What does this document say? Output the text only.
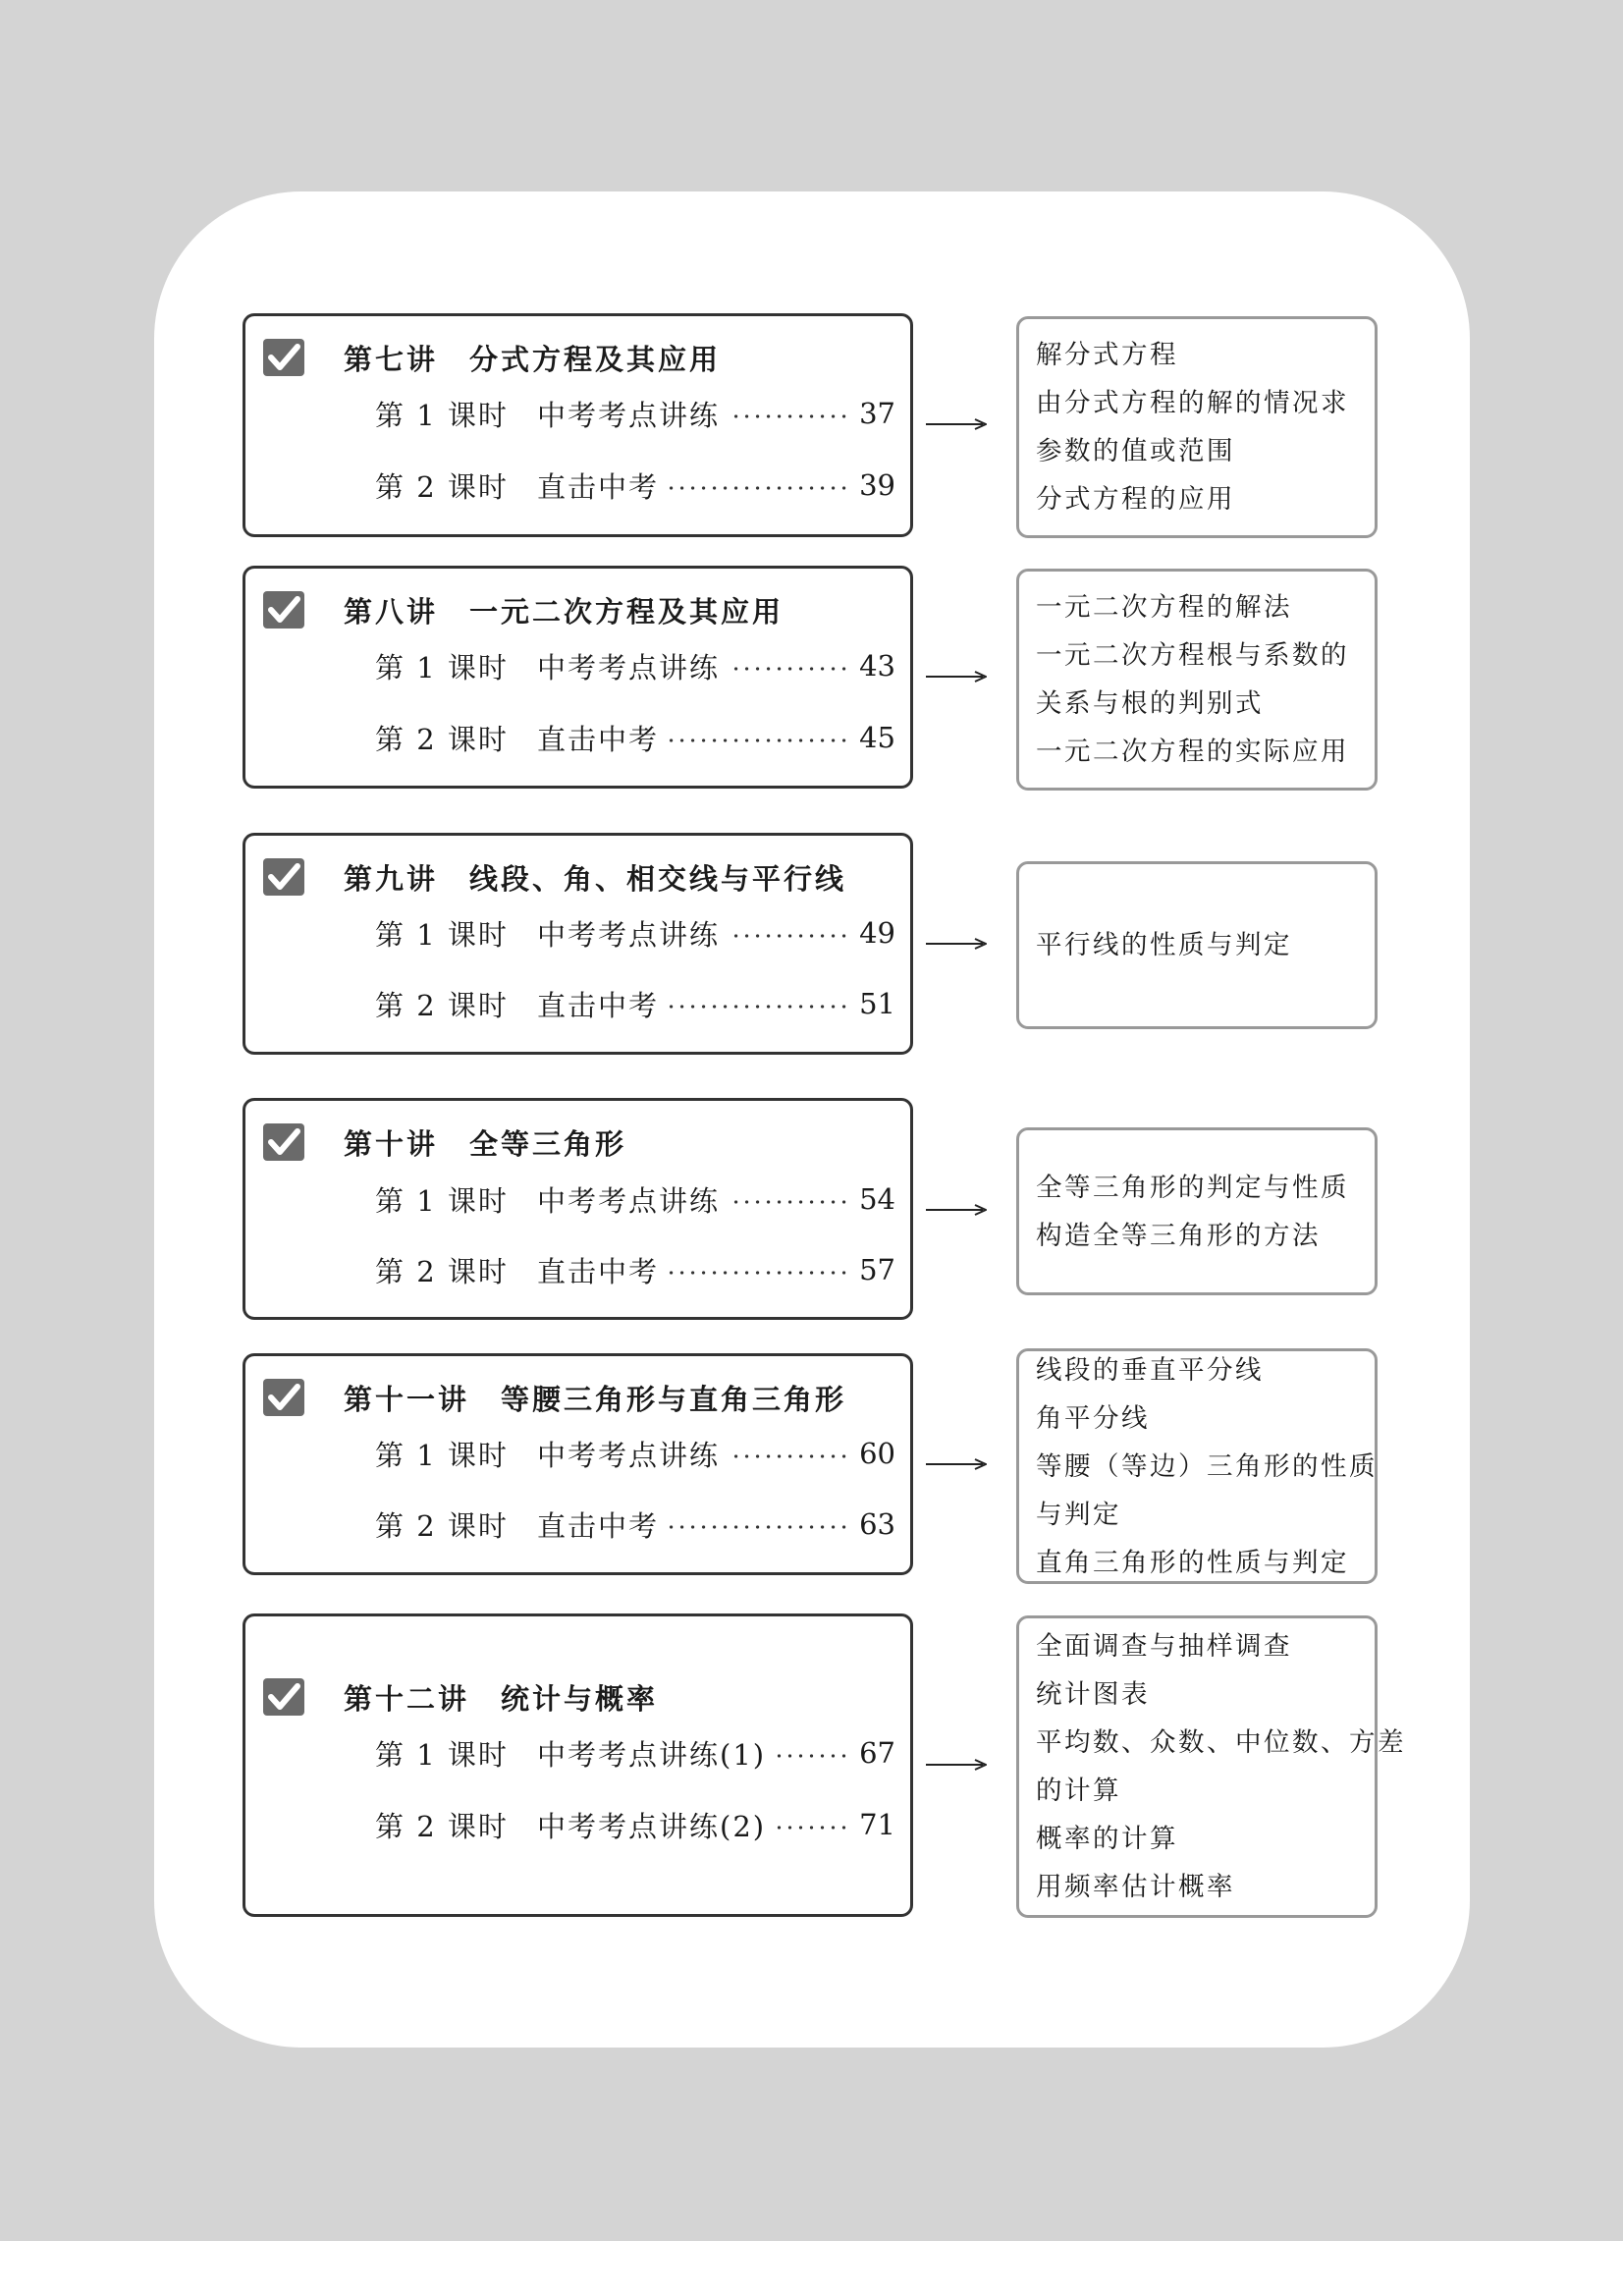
第七讲　分式方程及其应用
第 1 课时	中考考点讲练	37
第 2 课时	直击中考	39
解分式方程
由分式方程的解的情况求
参数的值或范围
分式方程的应用
第八讲　一元二次方程及其应用
第 1 课时	中考考点讲练	43
第 2 课时	直击中考	45
一元二次方程的解法
一元二次方程根与系数的
关系与根的判别式
一元二次方程的实际应用
第九讲　线段、角、相交线与平行线
第 1 课时	中考考点讲练	49
第 2 课时	直击中考	51
平行线的性质与判定
第十讲　全等三角形
第 1 课时	中考考点讲练	54
第 2 课时	直击中考	57
全等三角形的判定与性质
构造全等三角形的方法
第十一讲　等腰三角形与直角三角形
第 1 课时	中考考点讲练	60
第 2 课时	直击中考	63
线段的垂直平分线
角平分线
等腰（等边）三角形的性质
与判定
直角三角形的性质与判定
第十二讲　统计与概率
第 1 课时	中考考点讲练(1)	67
第 2 课时	中考考点讲练(2)	71
全面调查与抽样调查
统计图表
平均数、众数、中位数、方差
的计算
概率的计算
用频率估计概率
